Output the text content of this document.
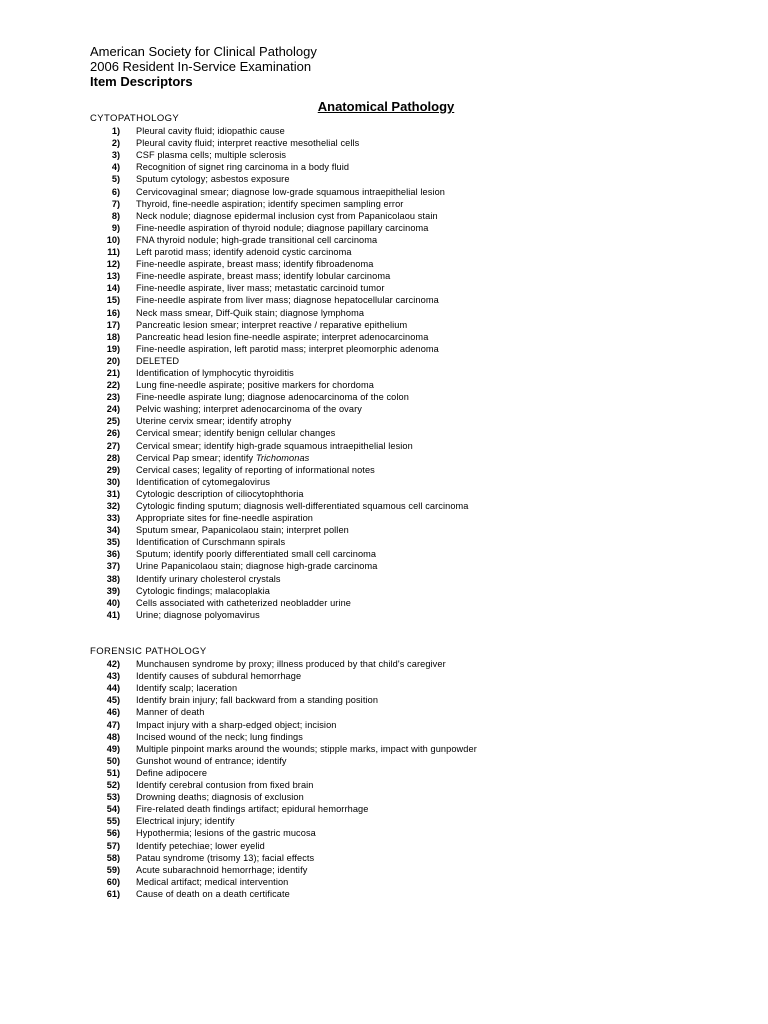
American Society for Clinical Pathology
2006 Resident In-Service Examination
Item Descriptors
Anatomical Pathology
CYTOPATHOLOGY
1)	Pleural cavity fluid; idiopathic cause
2)	Pleural cavity fluid; interpret reactive mesothelial cells
3)	CSF plasma cells; multiple sclerosis
4)	Recognition of signet ring carcinoma in a body fluid
5)	Sputum cytology; asbestos exposure
6)	Cervicovaginal smear; diagnose low-grade squamous intraepithelial lesion
7)	Thyroid, fine-needle aspiration; identify specimen sampling error
8)	Neck nodule; diagnose epidermal inclusion cyst from Papanicolaou stain
9)	Fine-needle aspiration of thyroid nodule; diagnose papillary carcinoma
10)	FNA thyroid nodule; high-grade transitional cell carcinoma
11)	Left parotid mass; identify adenoid cystic carcinoma
12)	Fine-needle aspirate, breast mass; identify fibroadenoma
13)	Fine-needle aspirate, breast mass; identify lobular carcinoma
14)	Fine-needle aspirate, liver mass; metastatic carcinoid tumor
15)	Fine-needle aspirate from liver mass; diagnose hepatocellular carcinoma
16)	Neck mass smear, Diff-Quik stain; diagnose lymphoma
17)	Pancreatic lesion smear; interpret reactive / reparative epithelium
18)	Pancreatic head lesion fine-needle aspirate; interpret adenocarcinoma
19)	Fine-needle aspiration, left parotid mass; interpret pleomorphic adenoma
20)	DELETED
21)	Identification of lymphocytic thyroiditis
22)	Lung fine-needle aspirate; positive markers for chordoma
23)	Fine-needle aspirate lung; diagnose adenocarcinoma of the colon
24)	Pelvic washing; interpret adenocarcinoma of the ovary
25)	Uterine cervix smear; identify atrophy
26)	Cervical smear; identify benign cellular changes
27)	Cervical smear; identify high-grade squamous intraepithelial lesion
28)	Cervical Pap smear; identify Trichomonas
29)	Cervical cases; legality of reporting of informational notes
30)	Identification of cytomegalovirus
31)	Cytologic description of ciliocytophthoria
32)	Cytologic finding sputum; diagnosis well-differentiated squamous cell carcinoma
33)	Appropriate sites for fine-needle aspiration
34)	Sputum smear, Papanicolaou stain; interpret pollen
35)	Identification of Curschmann spirals
36)	Sputum; identify poorly differentiated small cell carcinoma
37)	Urine Papanicolaou stain; diagnose high-grade carcinoma
38)	Identify urinary cholesterol crystals
39)	Cytologic findings; malacoplakia
40)	Cells associated with catheterized neobladder urine
41)	Urine; diagnose polyomavirus
FORENSIC PATHOLOGY
42)	Munchausen syndrome by proxy; illness produced by that child's caregiver
43)	Identify causes of subdural hemorrhage
44)	Identify scalp; laceration
45)	Identify brain injury; fall backward from a standing position
46)	Manner of death
47)	Impact injury with a sharp-edged object; incision
48)	Incised wound of the neck; lung findings
49)	Multiple pinpoint marks around the wounds; stipple marks, impact with gunpowder
50)	Gunshot wound of entrance; identify
51)	Define adipocere
52)	Identify cerebral contusion from fixed brain
53)	Drowning deaths; diagnosis of exclusion
54)	Fire-related death findings artifact; epidural hemorrhage
55)	Electrical injury; identify
56)	Hypothermia; lesions of the gastric mucosa
57)	Identify petechiae; lower eyelid
58)	Patau syndrome (trisomy 13); facial effects
59)	Acute subarachnoid hemorrhage; identify
60)	Medical artifact; medical intervention
61)	Cause of death on a death certificate
